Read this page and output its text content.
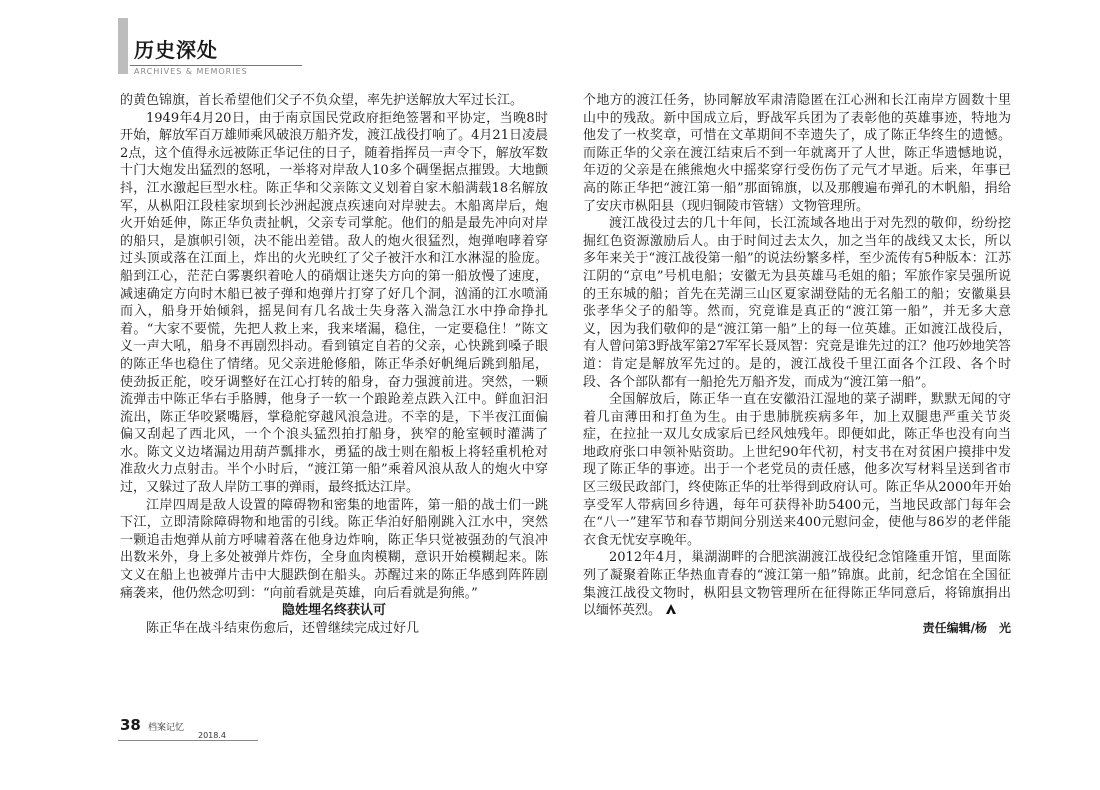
历史深处
ARCHIVES & MEMORIES

的黄色锦旗，首长希望他们父子不负众望，率先护送解放大军过长江。

1949年4月20日，由于南京国民党政府拒绝签署和平协定，当晚8时开始，解放军百万雄师乘风破浪万船齐发，渡江战役打响了。4月21日凌晨2点，这个值得永远被陈正华记住的日子，随着指挥员一声令下，解放军数十门大炮发出猛烈的怒吼，一举将对岸敌人10多个碉堡据点摧毁。大地颤抖，江水激起巨型水柱。陈正华和父亲陈文义划着自家木船满载18名解放军，从枞阳江段桂家坝到长沙洲起渡点疾速向对岸驶去。木船离岸后，炮火开始延伸，陈正华负责扯帆，父亲专司掌舵。他们的船是最先冲向对岸的船只，是旗帜引领，决不能出差错。敌人的炮火很猛烈，炮弹咆哮着穿过头顶或落在江面上，炸出的火光映红了父子被汗水和江水淋湿的脸庞。船到江心，茫茫白雾裹织着呛人的硝烟让迷失方向的第一船放慢了速度，减速确定方向时木船已被子弹和炮弹片打穿了好几个洞，汹涌的江水喷涌而入，船身开始倾斜，摇晃间有几名战士失身落入湍急江水中挣命挣扎着。“大家不要慌，先把人救上来，我来堵漏，稳住，一定要稳住！”陈文义一声大吼，船身不再剧烈抖动。看到镇定自若的父亲，心快跳到嗓子眼的陈正华也稳住了情绪。见父亲进舱修船，陈正华杀好帆绳后跳到船尾，使劲扳正舵，咬牙调整好在江心打转的船身，奋力强渡前进。突然，一颗流弹击中陈正华右手胳膊，他身子一软一个踉跄差点跌入江中。鲜血汩汩流出，陈正华咬紧嘴唇，掌稳舵穿越风浪急进。不幸的是，下半夜江面偏偏又刮起了西北风，一个个浪头猛烈拍打船身，狭窄的舱室顿时灌满了水。陈文义边堵漏边用葫芦瓢排水，勇猛的战士则在船板上将轻重机枪对准敌火力点射击。半个小时后，“渡江第一船”乘着风浪从敌人的炮火中穿过，又躲过了敌人岸防工事的弹雨，最终抵达江岸。

江岸四周是敌人设置的障碍物和密集的地雷阵，第一船的战士们一跳下江，立即清除障碍物和地雷的引线。陈正华泊好船刚跳入江水中，突然一颗追击炮弹从前方呼啸着落在他身边炸响，陈正华只觉被强劲的气浪冲出数米外，身上多处被弹片炸伤，全身血肉模糊，意识开始模糊起来。陈文义在船上也被弹片击中大腿跌倒在船头。苏醒过来的陈正华感到阵阵剧痛袭来，他仍然念叨到：“向前看就是英雄，向后看就是狗熊。”

隐姓埋名终获认可

陈正华在战斗结束伤愈后，还曾继续完成过好几

个地方的渡江任务，协同解放军肃清隐匿在江心洲和长江南岸方圆数十里山中的残敌。新中国成立后，野战军兵团为了表彰他的英雄事迹，特地为他发了一枚奖章，可惜在文革期间不幸遗失了，成了陈正华终生的遗憾。而陈正华的父亲在渡江结束后不到一年就离开了人世，陈正华遗憾地说，年迈的父亲是在熊熊炮火中摇桨穿行受伤伤了元气才早逝。后来，年事已高的陈正华把“渡江第一船”那面锦旗，以及那艘遍布弹孔的木帆船，捐给了安庆市枞阳县（现归铜陵市管辖）文物管理所。

渡江战役过去的几十年间，长江流域各地出于对先烈的敬仰，纷纷挖掘红色资源激励后人。由于时间过去太久，加之当年的战线又太长，所以多年来关于“渡江战役第一船”的说法纷繁多样，至少流传有5种版本：江苏江阴的“京电”号机电船；安徽无为县英雄马毛姐的船；军旅作家吴强所说的王东城的船；首先在芜湖三山区夏家湖登陆的无名船工的船；安徽巢县张孝华父子的船等。然而，究竟谁是真正的“渡江第一船”，并无多大意义，因为我们敬仰的是“渡江第一船”上的每一位英雄。正如渡江战役后，有人曾问第3野战军第27军军长聂凤智：究竟是谁先过的江？他巧妙地笑答道：肯定是解放军先过的。是的，渡江战役千里江面各个江段、各个时段、各个部队都有一船抢先万船齐发，而成为“渡江第一船”。

全国解放后，陈正华一直在安徽沿江湿地的菜子湖畔，默默无闻的守着几亩薄田和打鱼为生。由于患肺胱疾病多年，加上双腿患严重关节炎症，在拉扯一双儿女成家后已经风烛残年。即便如此，陈正华也没有向当地政府张口申领补贴资助。上世纪90年代初，村支书在对贫困户摸排中发现了陈正华的事迹。出于一个老党员的责任感，他多次写材料呈送到省市区三级民政部门，终使陈正华的壮举得到政府认可。陈正华从2000年开始享受军人带病回乡待遇，每年可获得补助5400元，当地民政部门每年会在“八一”建军节和春节期间分别送来400元慰问金，使他与86岁的老伴能衣食无忧安享晚年。

2012年4月，巢湖湖畔的合肥滨湖渡江战役纪念馆隆重开馆，里面陈列了凝聚着陈正华热血青春的“渡江第一船”锦旗。此前，纪念馆在全国征集渡江战役文物时，枞阳县文物管理所在征得陈正华同意后，将锦旗捐出以缅怀英烈。

责任编辑/杨　光

38 档案记忆
2018.4
